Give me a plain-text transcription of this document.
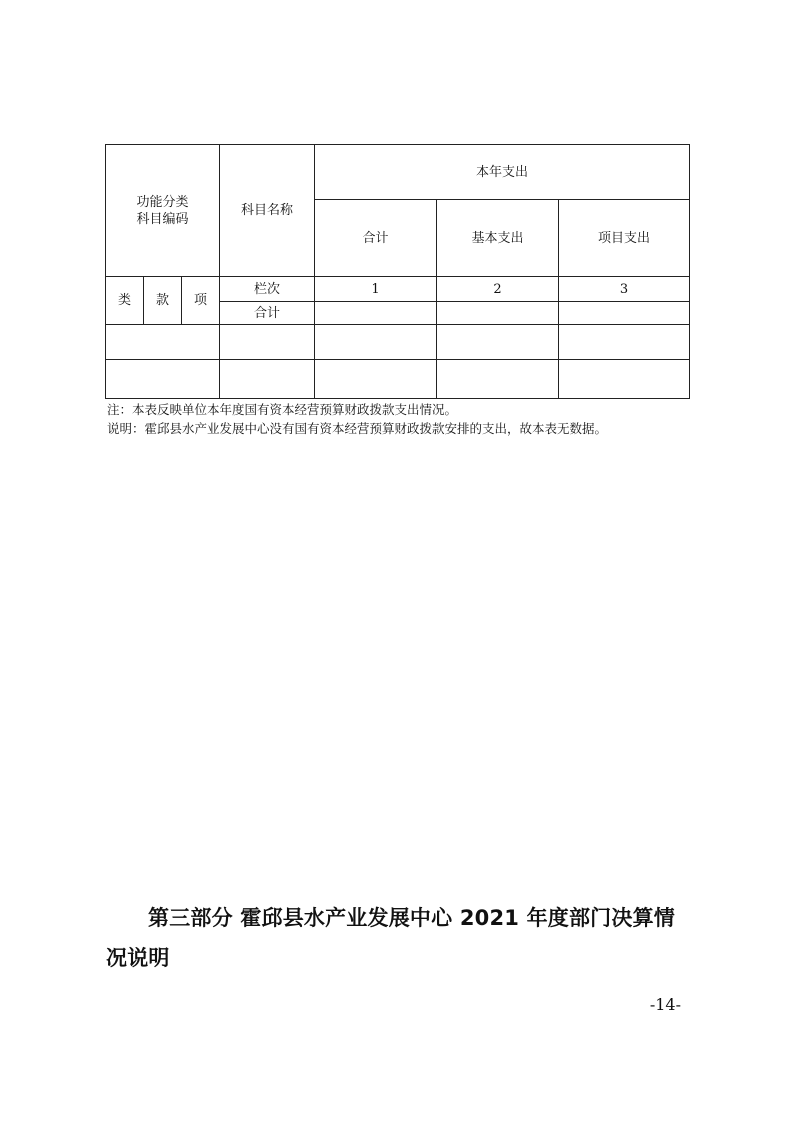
功能分类
科目编码			科目名称	本年支出		
				合计	基本支出	项目支出
类	款	项	栏次	1	2	3
			合计			

注：本表反映单位本年度国有资本经营预算财政拨款支出情况。
说明：霍邱县水产业发展中心没有国有资本经营预算财政拨款安排的支出，故本表无数据。
第三部分 霍邱县水产业发展中心 2021 年度部门决算情况说明
-14-
